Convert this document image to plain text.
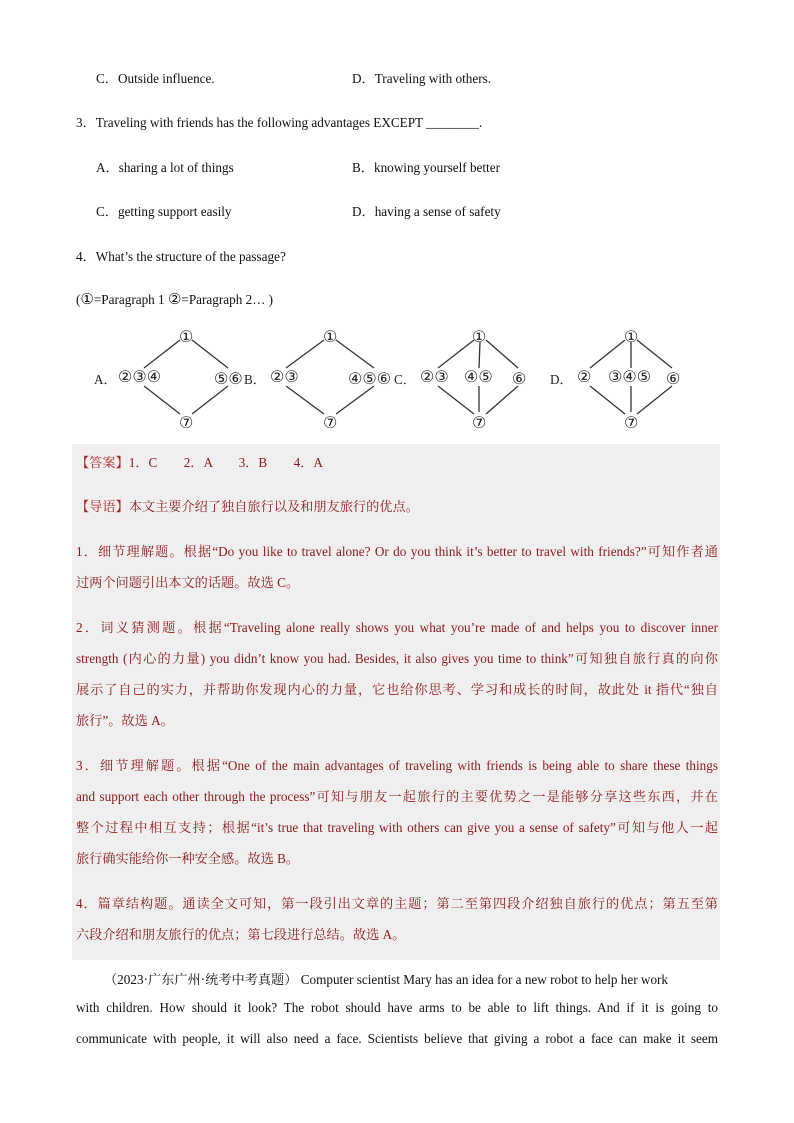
C．Outside influence.	D．Traveling with others.
3．Traveling with friends has the following advantages EXCEPT ________.
A．sharing a lot of things	B．knowing yourself better
C．getting support easily	D．having a sense of safety
4．What’s the structure of the passage?
(①=Paragraph 1 ②=Paragraph 2… )
A．
①
②③④	⑤⑥
⑦
B．
①
②③	④⑤⑥
⑦
C．
①
②③ ④⑤ ⑥
⑦
D．
①
② ③④⑤ ⑥
⑦
【答案】1．C　　2．A　　3．B　　4．A
【导语】本文主要介绍了独自旅行以及和朋友旅行的优点。
1．细节理解题。根据“Do you like to travel alone? Or do you think it’s better to travel with friends?”可知作者通
过两个问题引出本文的话题。故选 C。
2．词义猜测题。根据“Traveling alone really shows you what you’re made of and helps you to discover inner
strength (内心的力量) you didn’t know you had. Besides, it also gives you time to think”可知独自旅行真的向你
展示了自己的实力，并帮助你发现内心的力量，它也给你思考、学习和成长的时间，故此处 it 指代“独自
旅行”。故选 A。
3．细节理解题。根据“One of the main advantages of traveling with friends is being able to share these things
and support each other through the process”可知与朋友一起旅行的主要优势之一是能够分享这些东西，并在
整个过程中相互支持；根据“it’s true that traveling with others can give you a sense of safety”可知与他人一起
旅行确实能给你一种安全感。故选 B。
4．篇章结构题。通读全文可知，第一段引出文章的主题；第二至第四段介绍独自旅行的优点；第五至第
六段介绍和朋友旅行的优点；第七段进行总结。故选 A。
（2023·广东广州·统考中考真题） Computer scientist Mary has an idea for a new robot to help her work
with children. How should it look? The robot should have arms to be able to lift things. And if it is going to
communicate with people, it will also need a face. Scientists believe that giving a robot a face can make it seem
